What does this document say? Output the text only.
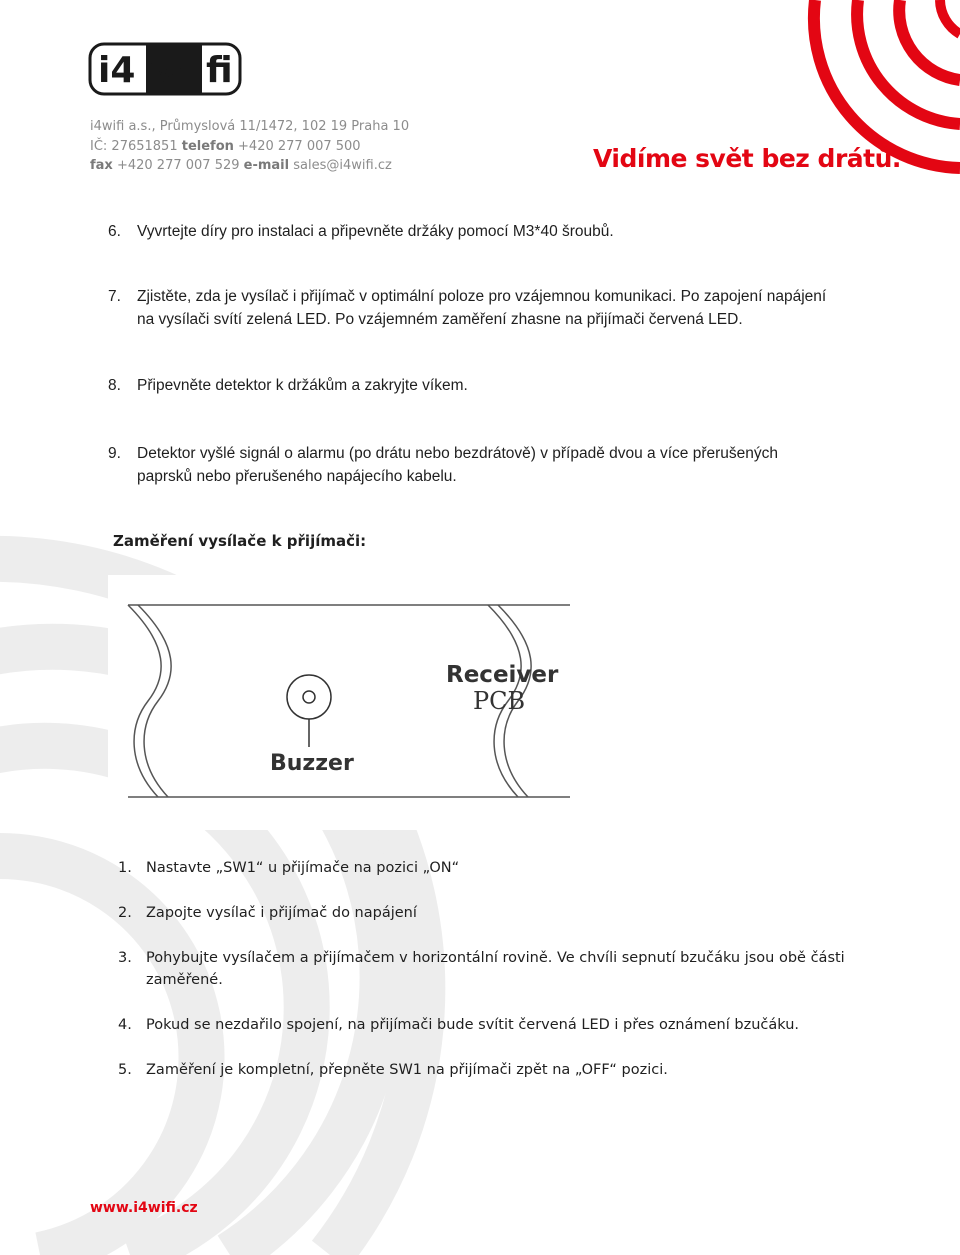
i4 wi fi
i4wifi a.s., Průmyslová 11/1472, 102 19 Praha 10
IČ: 27651851 telefon +420 277 007 500
fax +420 277 007 529 e-mail sales@i4wifi.cz	Vidíme svět bez drátů.
6. Vyvrtejte díry pro instalaci a připevněte držáky pomocí M3*40 šroubů.
7. Zjistěte, zda je vysílač i přijímač v optimální poloze pro vzájemnou komunikaci. Po zapojení napájení na vysílači svítí zelená LED. Po vzájemném zaměření zhasne na přijímači červená LED.
8. Připevněte detektor k držákům a zakryjte víkem.
9. Detektor vyšlé signál o alarmu (po drátu nebo bezdrátově) v případě dvou a více přerušených paprsků nebo přerušeného napájecího kabelu.
Zaměření vysílače k přijímači:
Buzzer
Receiver
PCB
1. Nastavte „SW1“ u přijímače na pozici „ON“
2. Zapojte vysílač i přijímač do napájení
3. Pohybujte vysílačem a přijímačem v horizontální rovině. Ve chvíli sepnutí bzučáku jsou obě části zaměřené.
4. Pokud se nezdařilo spojení, na přijímači bude svítit červená LED i přes oznámení bzučáku.
5. Zaměření je kompletní, přepněte SW1 na přijímači zpět na „OFF“ pozici.
www.i4wifi.cz
